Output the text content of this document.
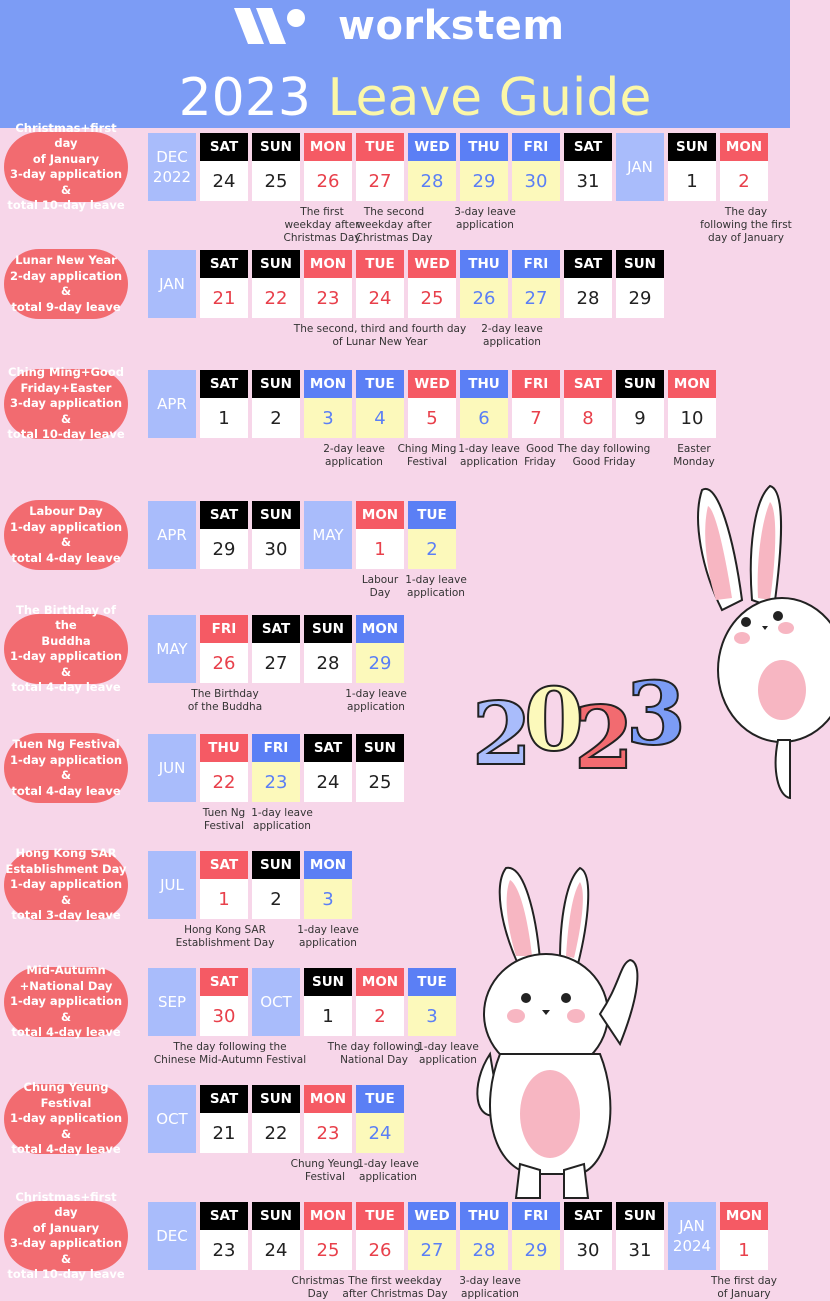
workstem
2023 Leave Guide
day
of January
3-day application &
total 10-day leave
DEC
2022
JAN
SAT
24
SUN
25
MON
26
TUE
27
WED
28
THU
29
FRI
30
SAT
31
SUN
1
MON
2
The first
weekday after
Christmas Day
The second
weekday after
Christmas Day
3-day leave
application
The day
following the first
day of January
Lunar New Year
2-day application &
total 9-day leave
JAN
SAT
21
SUN
22
MON
23
TUE
24
WED
25
THU
26
FRI
27
SAT
28
SUN
29
The second, third and fourth day
of Lunar New Year
2-day leave
application
Ching Ming+Good
Friday+Easter
3-day application &
total 10-day leave
APR
SAT
1
SUN
2
MON
3
TUE
4
WED
5
THU
6
FRI
7
SAT
8
SUN
9
MON
10
2-day leave
application
Ching Ming
Festival
1-day leave
application
Good
Friday
The day following
Good Friday
Easter
Monday
Labour Day
1-day application &
total 4-day leave
APR	MAY
SAT
29
SUN
30
MON
1
TUE
2
Labour
Day
1-day leave
application
The Birthday of the
Buddha
1-day application &
total 4-day leave
MAY
FRI
26
SAT
27
SUN
28
MON
29
The Birthday
of the Buddha
1-day leave
application
Tuen Ng Festival
1-day application &
total 4-day leave
JUN
THU
22
FRI
23
SAT
24
SUN
25
Tuen Ng
Festival
1-day leave
application
Hong Kong SAR
Establishment Day
1-day application &
total 3-day leave
JUL
SAT
1
SUN
2
MON
3
Hong Kong SAR
Establishment Day
1-day leave
application
Mid-Autumn
+National Day
1-day application &
total 4-day leave
SEP	OCT
SAT
30
SUN
1
MON
2
TUE
3
The day following the
Chinese Mid-Autumn Festival
The day following
National Day
1-day leave
application
Chung Yeung
Festival
1-day application &
total 4-day leave
OCT
SAT
21
SUN
22
MON
23
TUE
24
Chung Yeung
Festival
1-day leave
application
Christmas+first day
of January
3-day application &
total 10-day leave
DEC
JAN
2024
SAT
23
SUN
24
MON
25
TUE
26
WED
27
THU
28
FRI
29
SAT
30
SUN
31
MON
1
Christmas
Day
The first weekday
after Christmas Day
3-day leave
application
The first day
of January
2
0
2
3
